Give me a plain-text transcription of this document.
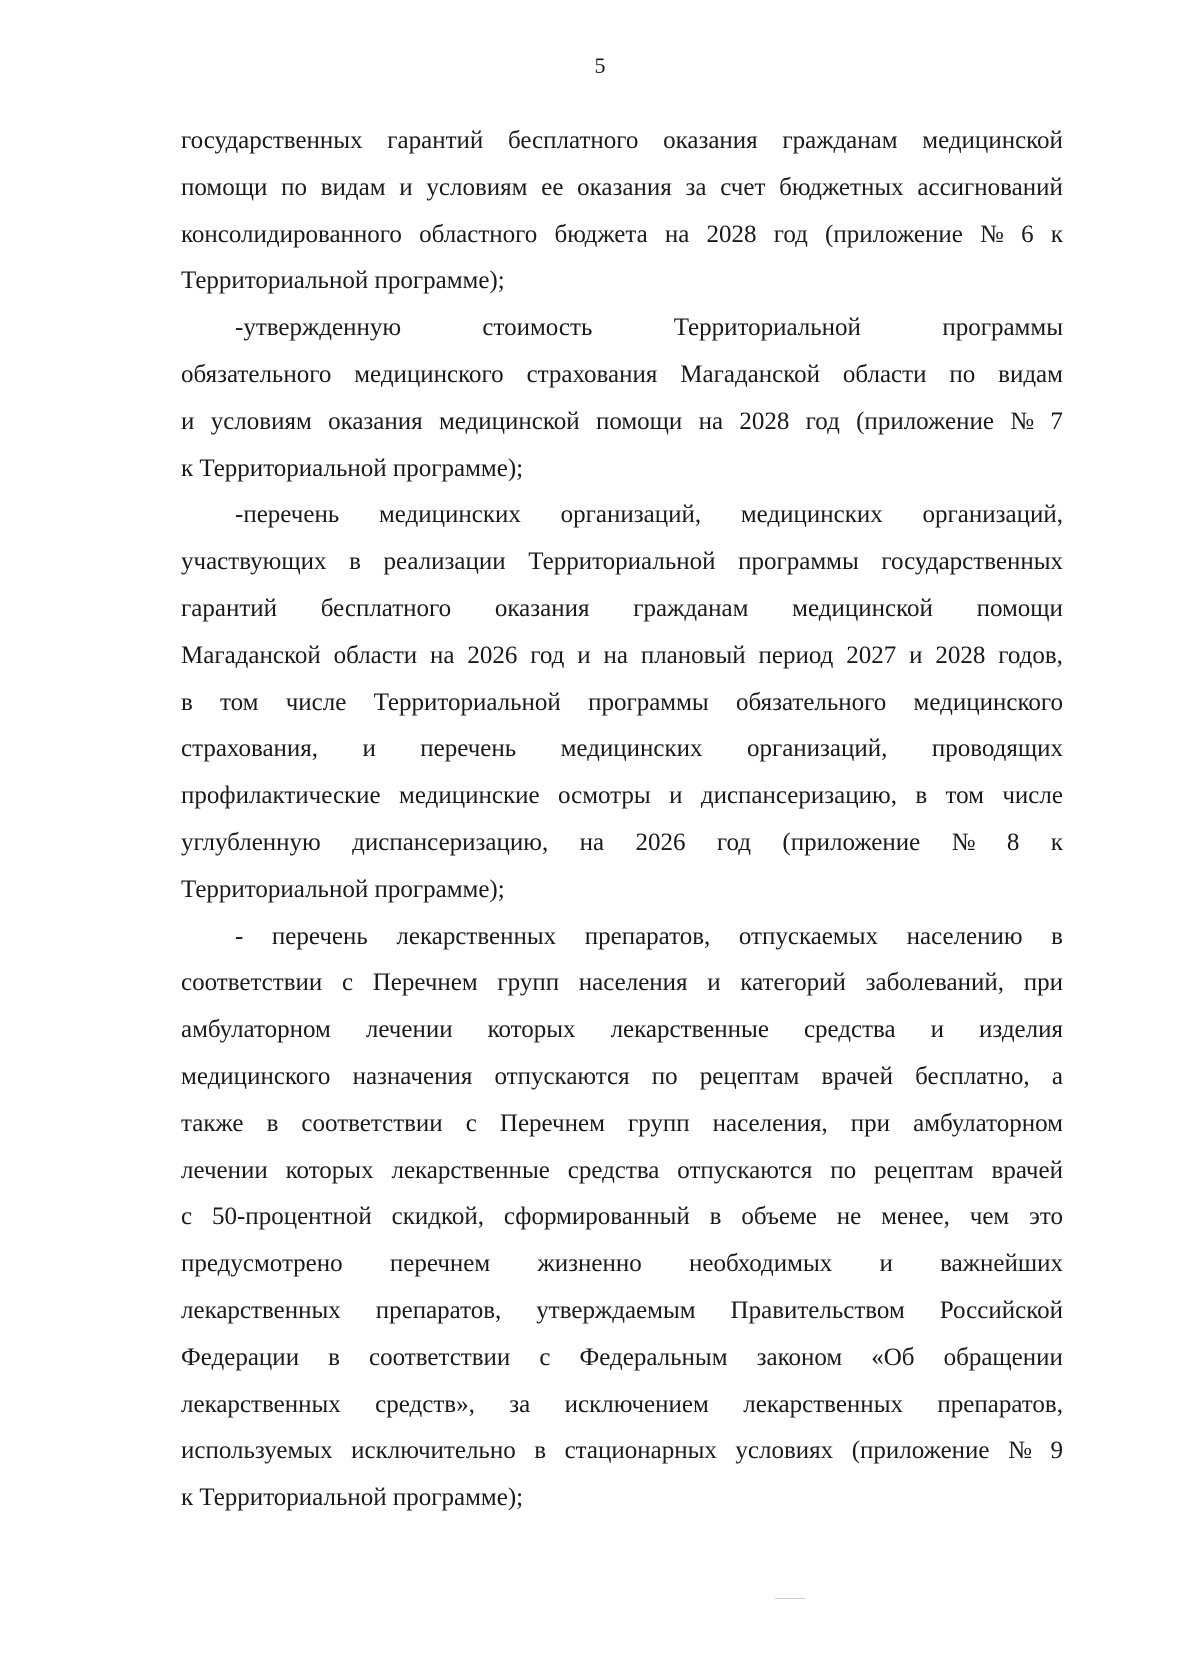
5
государственных гарантий бесплатного оказания гражданам медицинской
помощи по видам и условиям ее оказания за счет бюджетных ассигнований
консолидированного областного бюджета на 2028 год (приложение № 6 к
Территориальной программе);
-утвержденную	стоимость	Территориальной	программы
обязательного медицинского страхования Магаданской области по видам
и условиям оказания медицинской помощи на 2028 год (приложение № 7
к Территориальной программе);
-перечень медицинских организаций, медицинских организаций,
участвующих в реализации Территориальной программы государственных
гарантий бесплатного оказания гражданам медицинской помощи
Магаданской области на 2026 год и на плановый период 2027 и 2028 годов,
в том числе Территориальной программы обязательного медицинского
страхования, и перечень медицинских организаций, проводящих
профилактические медицинские осмотры и диспансеризацию, в том числе
углубленную диспансеризацию, на 2026 год (приложение № 8 к
Территориальной программе);
- перечень лекарственных препаратов, отпускаемых населению в
соответствии с Перечнем групп населения и категорий заболеваний, при
амбулаторном лечении которых лекарственные средства и изделия
медицинского назначения отпускаются по рецептам врачей бесплатно, а
также в соответствии с Перечнем групп населения, при амбулаторном
лечении которых лекарственные средства отпускаются по рецептам врачей
с 50-процентной скидкой, сформированный в объеме не менее, чем это
предусмотрено перечнем жизненно необходимых и важнейших
лекарственных препаратов, утверждаемым Правительством Российской
Федерации в соответствии с Федеральным законом «Об обращении
лекарственных средств», за исключением лекарственных препаратов,
используемых исключительно в стационарных условиях (приложение № 9
к Территориальной программе);
